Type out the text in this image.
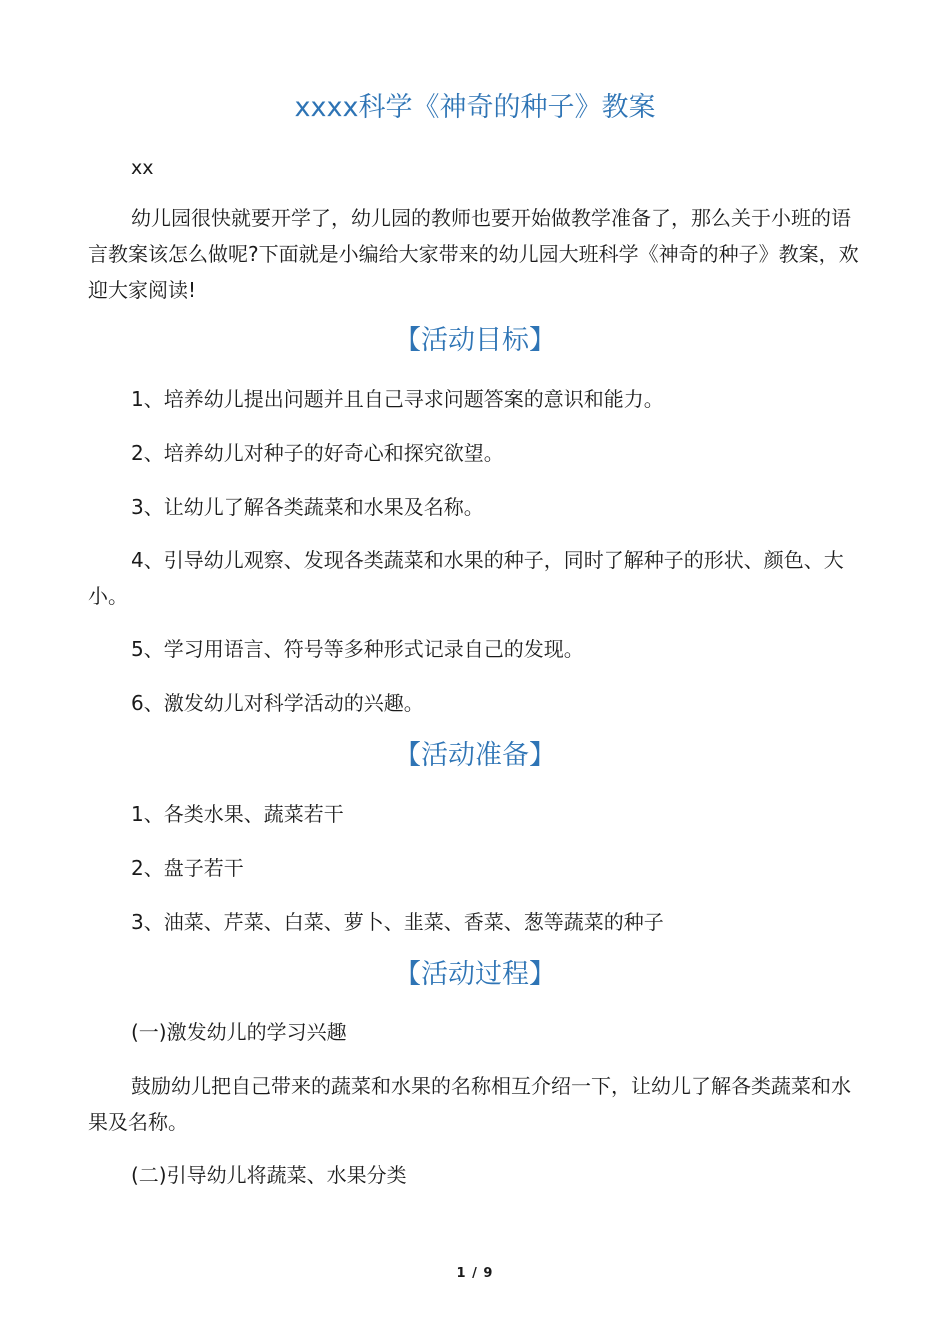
xxxx科学《神奇的种子》教案

xx

幼儿园很快就要开学了，幼儿园的教师也要开始做教学准备了，那么关于小班的语言教案该怎么做呢?下面就是小编给大家带来的幼儿园大班科学《神奇的种子》教案，欢迎大家阅读!

【活动目标】

1、培养幼儿提出问题并且自己寻求问题答案的意识和能力。

2、培养幼儿对种子的好奇心和探究欲望。

3、让幼儿了解各类蔬菜和水果及名称。

4、引导幼儿观察、发现各类蔬菜和水果的种子，同时了解种子的形状、颜色、大小。

5、学习用语言、符号等多种形式记录自己的发现。

6、激发幼儿对科学活动的兴趣。

【活动准备】

1、各类水果、蔬菜若干

2、盘子若干

3、油菜、芹菜、白菜、萝卜、韭菜、香菜、葱等蔬菜的种子

【活动过程】

(一)激发幼儿的学习兴趣

鼓励幼儿把自己带来的蔬菜和水果的名称相互介绍一下，让幼儿了解各类蔬菜和水果及名称。

(二)引导幼儿将蔬菜、水果分类

1 / 9
